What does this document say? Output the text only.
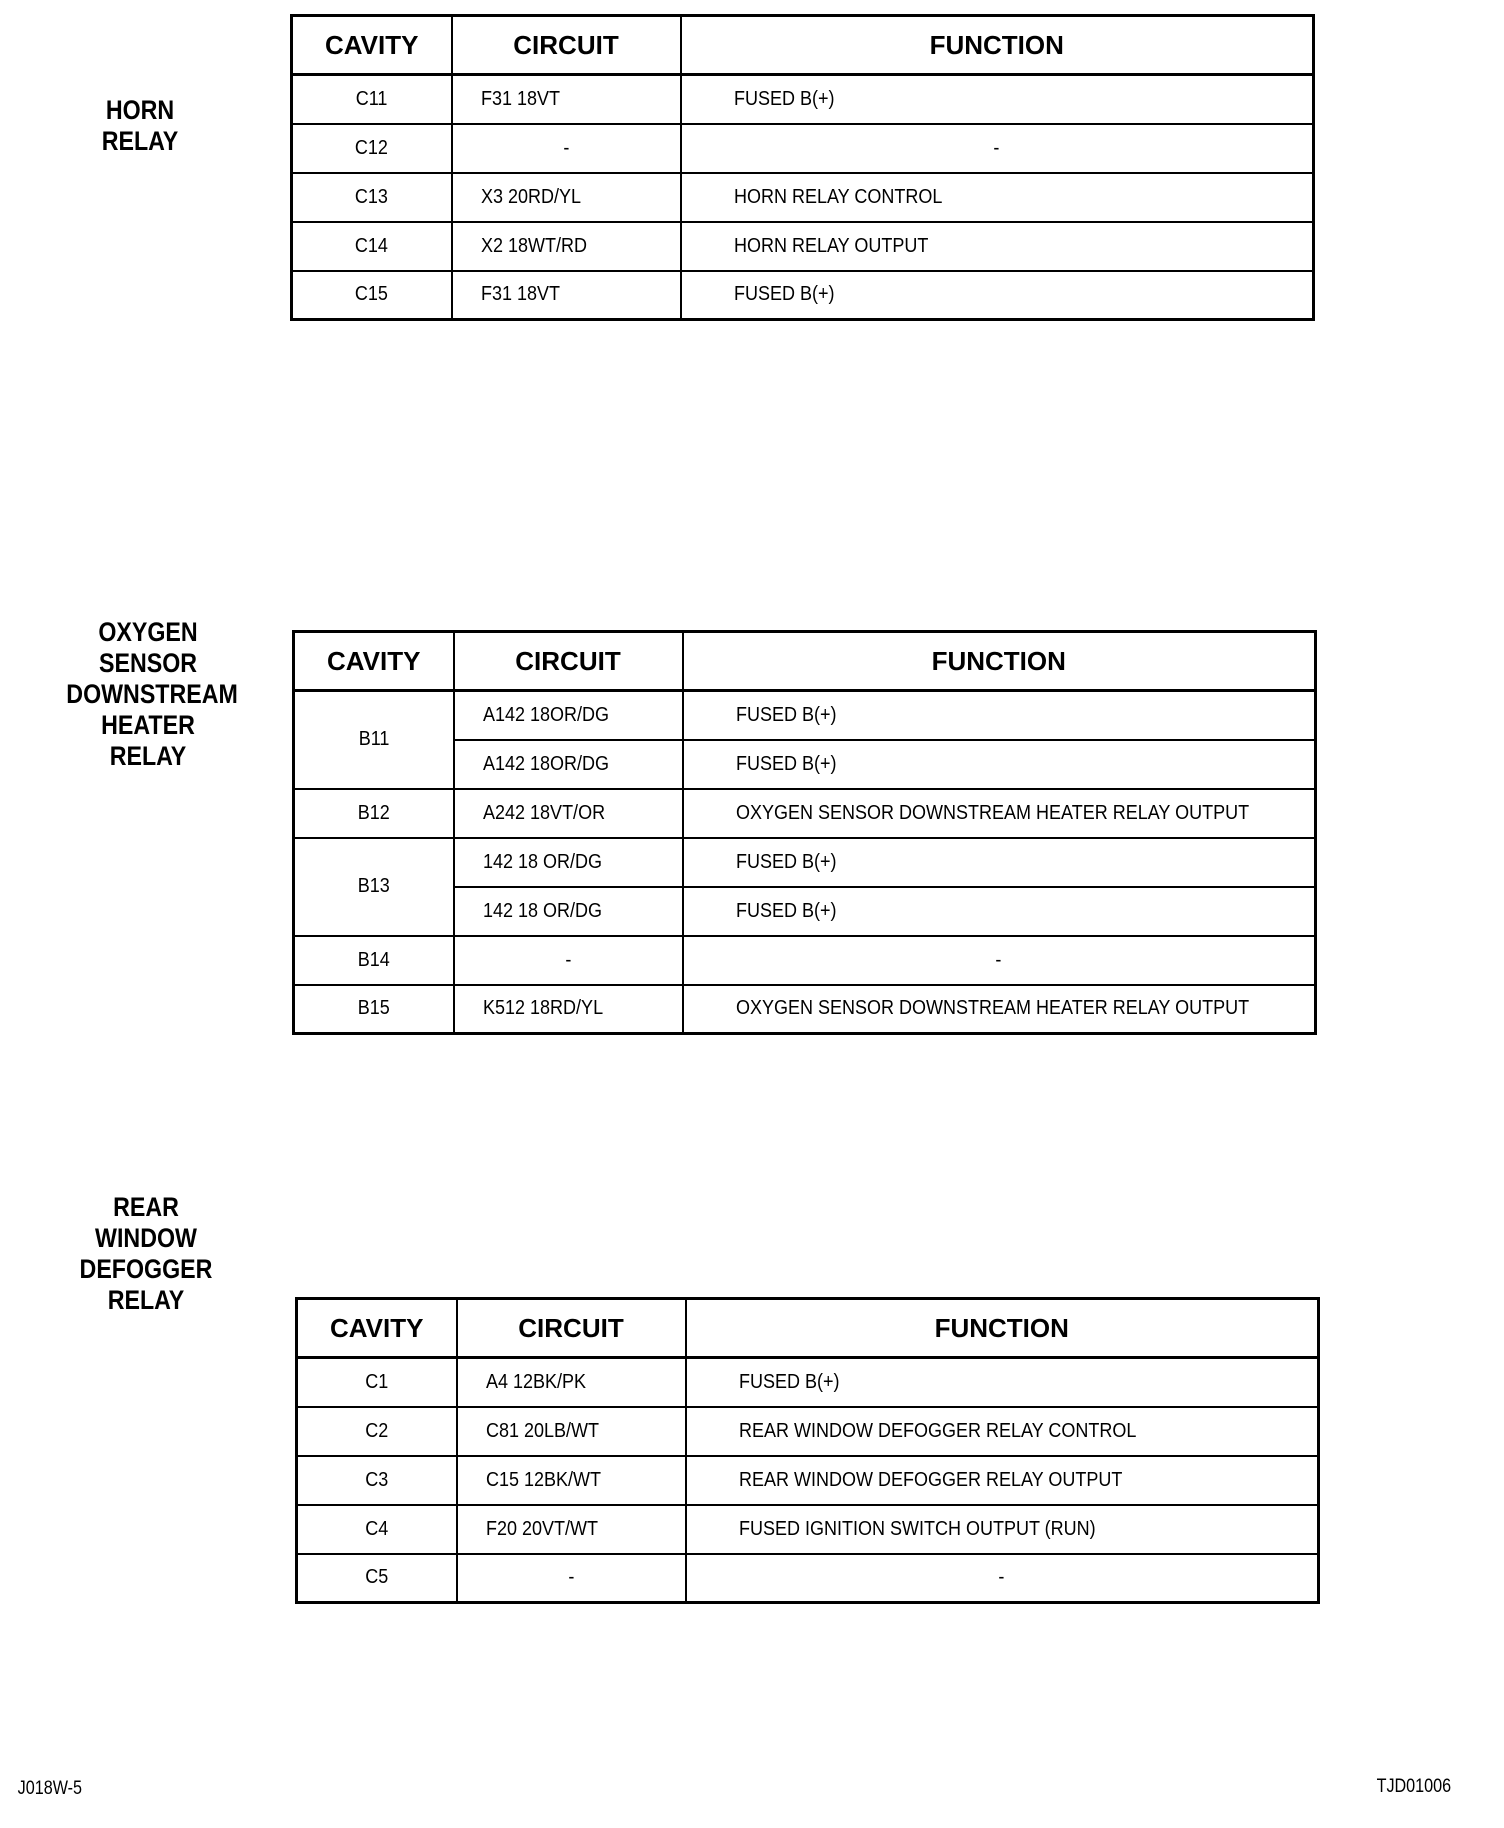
HORN
RELAY
OXYGEN
SENSOR
DOWNSTREAM
HEATER
RELAY
REAR
WINDOW
DEFOGGER
RELAY
CAVITY	CIRCUIT	FUNCTION
C11	F31 18VT	FUSED B(+)
C12	-	-
C13	X3 20RD/YL	HORN RELAY CONTROL
C14	X2 18WT/RD	HORN RELAY OUTPUT
C15	F31 18VT	FUSED B(+)
CAVITY	CIRCUIT	FUNCTION
B11	A142 18OR/DG	FUSED B(+)
	A142 18OR/DG	FUSED B(+)
B12	A242 18VT/OR	OXYGEN SENSOR DOWNSTREAM HEATER RELAY OUTPUT
B13	142 18 OR/DG	FUSED B(+)
	142 18 OR/DG	FUSED B(+)
B14	-	-
B15	K512 18RD/YL	OXYGEN SENSOR DOWNSTREAM HEATER RELAY OUTPUT
CAVITY	CIRCUIT	FUNCTION
C1	A4 12BK/PK	FUSED B(+)
C2	C81 20LB/WT	REAR WINDOW DEFOGGER RELAY CONTROL
C3	C15 12BK/WT	REAR WINDOW DEFOGGER RELAY OUTPUT
C4	F20 20VT/WT	FUSED IGNITION SWITCH OUTPUT (RUN)
C5	-	-
J018W-5	TJD01006
